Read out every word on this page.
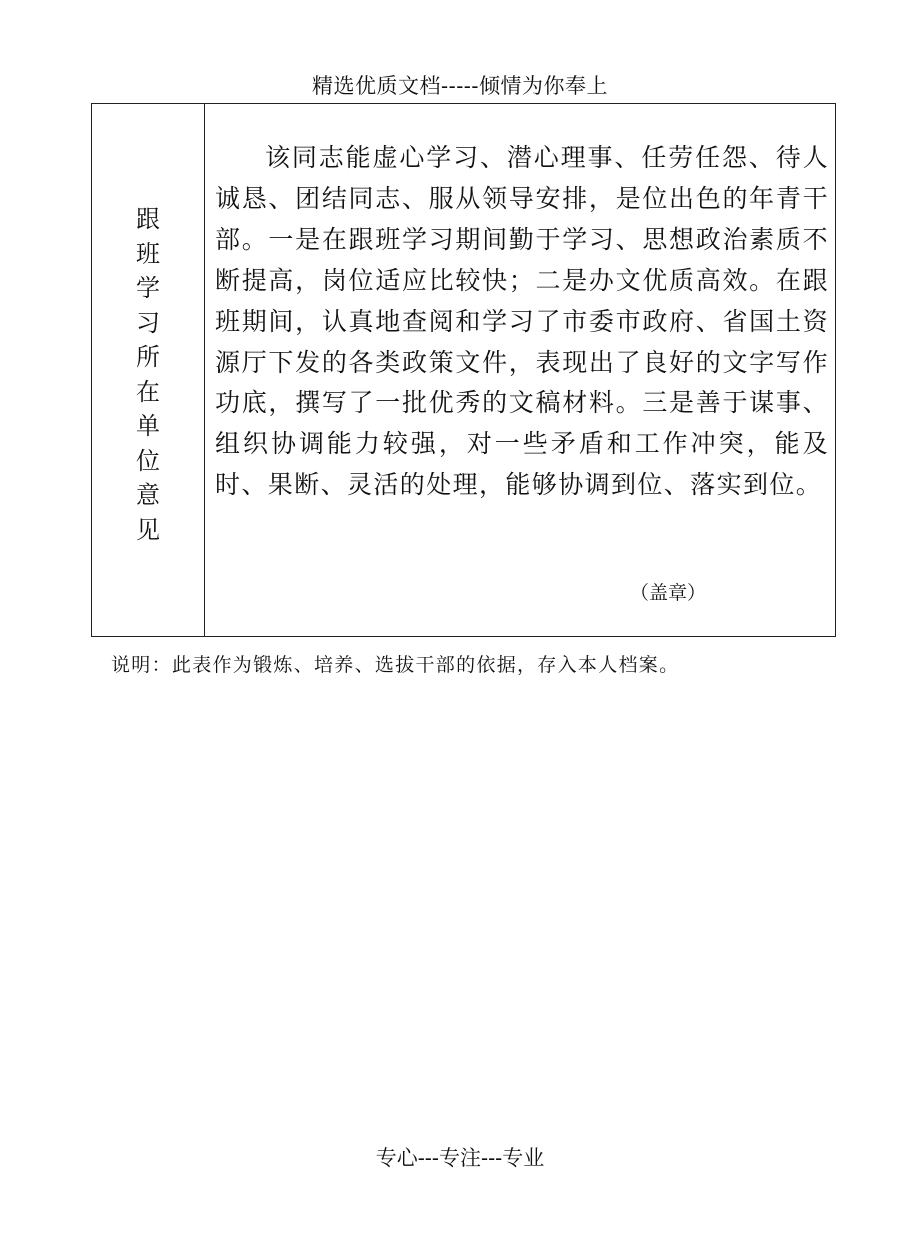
精选优质文档-----倾情为你奉上
跟
班
学
习
所
在
单
位
意
见

该同志能虚心学习、潜心理事、任劳任怨、待人诚恳、团结同志、服从领导安排，是位出色的年青干部。一是在跟班学习期间勤于学习、思想政治素质不断提高，岗位适应比较快；二是办文优质高效。在跟班期间，认真地查阅和学习了市委市政府、省国土资源厅下发的各类政策文件，表现出了良好的文字写作功底，撰写了一批优秀的文稿材料。三是善于谋事、组织协调能力较强，对一些矛盾和工作冲突，能及时、果断、灵活的处理，能够协调到位、落实到位。

（盖章）
说明：此表作为锻炼、培养、选拔干部的依据，存入本人档案。
专心---专注---专业
